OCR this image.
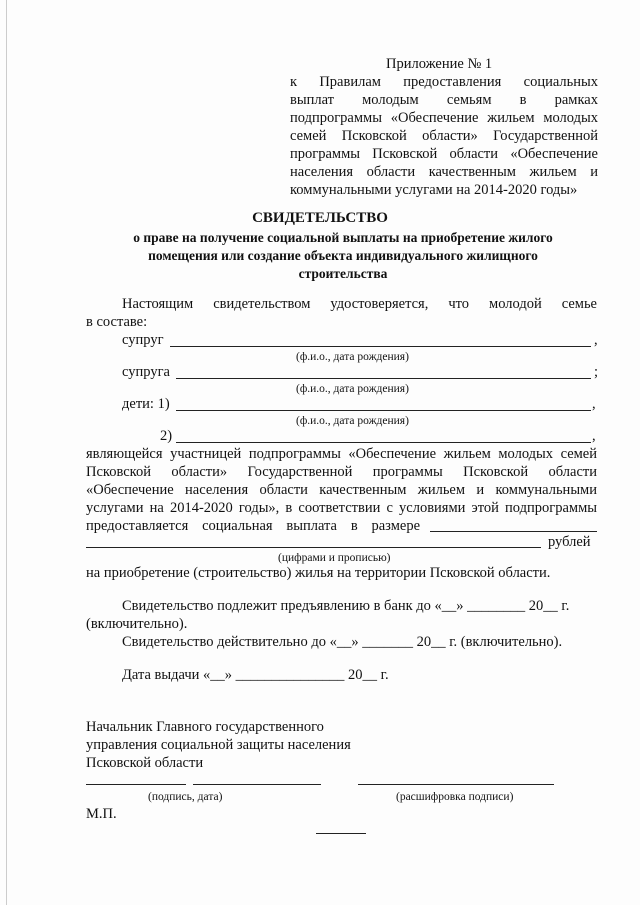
Приложение № 1
к Правилам предоставления социальных
выплат молодым семьям в рамках
подпрограммы «Обеспечение жильем молодых
семей Псковской области» Государственной
программы Псковской области «Обеспечение
населения области качественным жильем и
коммунальными услугами на 2014-2020 годы»
СВИДЕТЕЛЬСТВО
о праве на получение социальной выплаты на приобретение жилого
помещения или создание объекта индивидуального жилищного
строительства
Настоящим свидетельством удостоверяется, что молодой семье
в составе:
супруг	,
(ф.и.о., дата рождения)
супруга	;
(ф.и.о., дата рождения)
дети: 1)	,
(ф.и.о., дата рождения)
2)	,
являющейся участницей подпрограммы «Обеспечение жильем молодых семей
Псковской области» Государственной программы Псковской области
«Обеспечение населения области качественным жильем и коммунальными
услугами на 2014-2020 годы», в соответствии с условиями этой подпрограммы
предоставляется социальная выплата в размере
рублей
(цифрами и прописью)
на приобретение (строительство) жилья на территории Псковской области.
Свидетельство подлежит предъявлению в банк до «__» ________ 20__ г.
(включительно).
Свидетельство действительно до «__» _______ 20__ г. (включительно).
Дата выдачи «__» _______________ 20__ г.
Начальник Главного государственного
управления социальной защиты населения
Псковской области
(подпись, дата)	(расшифровка подписи)
М.П.
